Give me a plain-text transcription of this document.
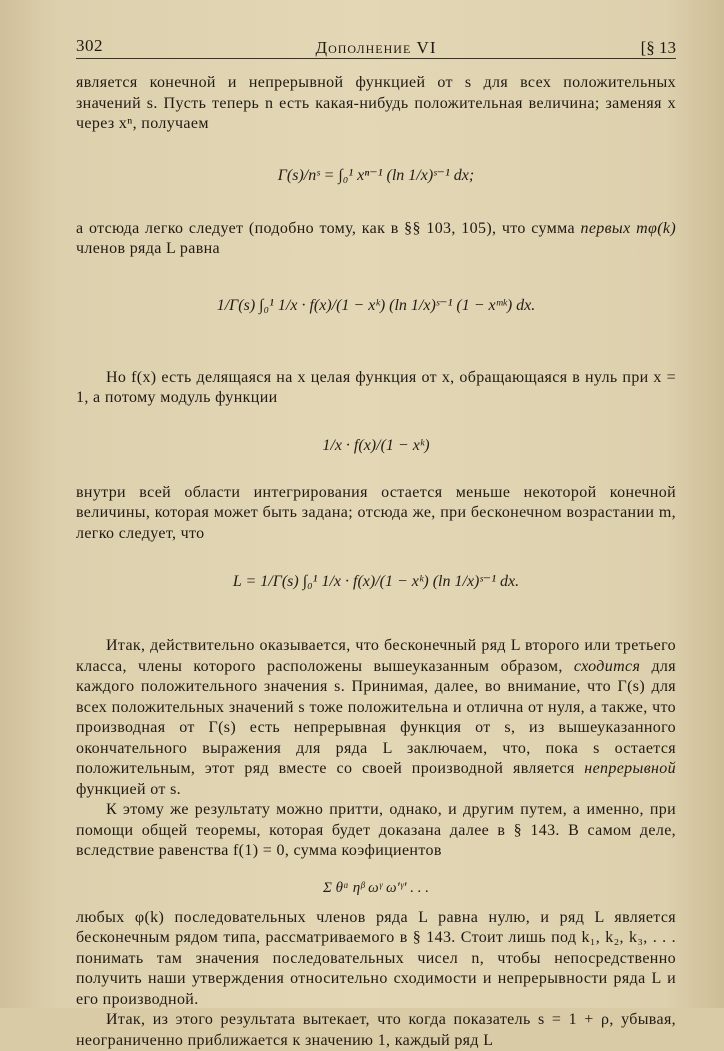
302	Дополнение VI	[§ 13

является конечной и непрерывной функцией от s для всех положительных значений s. Пусть теперь n есть какая-нибудь положительная величина; заменяя x через xⁿ, получаем

Γ(s)/nˢ = ∫₀¹ xⁿ⁻¹ (ln 1/x)ˢ⁻¹ dx;

а отсюда легко следует (подобно тому, как в §§ 103, 105), что сумма первых mφ(k) членов ряда L равна

1/Γ(s) ∫₀¹ 1/x · f(x)/(1 − xᵏ) (ln 1/x)ˢ⁻¹ (1 − xᵐᵏ) dx.

Но f(x) есть делящаяся на x целая функция от x, обращающаяся в нуль при x = 1, а потому модуль функции

1/x · f(x)/(1 − xᵏ)

внутри всей области интегрирования остается меньше некоторой конечной величины, которая может быть задана; отсюда же, при бесконечном возрастании m, легко следует, что

L = 1/Γ(s) ∫₀¹ 1/x · f(x)/(1 − xᵏ) (ln 1/x)ˢ⁻¹ dx.

Итак, действительно оказывается, что бесконечный ряд L второго или третьего класса, члены которого расположены вышеуказанным образом, сходится для каждого положительного значения s. Принимая, далее, во внимание, что Γ(s) для всех положительных значений s тоже положительна и отлична от нуля, а также, что производная от Γ(s) есть непрерывная функция от s, из вышеуказанного окончательного выражения для ряда L заключаем, что, пока s остается положительным, этот ряд вместе со своей производной является непрерывной функцией от s.

К этому же результату можно притти, однако, и другим путем, а именно, при помощи общей теоремы, которая будет доказана далее в § 143. В самом деле, вследствие равенства f(1) = 0, сумма коэфициентов

Σ θᵅ ηᵝ ωᵞ ω′ᵞ′ . . .

любых φ(k) последовательных членов ряда L равна нулю, и ряд L является бесконечным рядом типа, рассматриваемого в § 143. Стоит лишь под k₁, k₂, k₃, . . . понимать там значения последовательных чисел n, чтобы непосредственно получить наши утверждения относительно сходимости и непрерывности ряда L и его производной.

Итак, из этого результата вытекает, что когда показатель s = 1 + ρ, убывая, неограниченно приближается к значению 1, каждый ряд L
